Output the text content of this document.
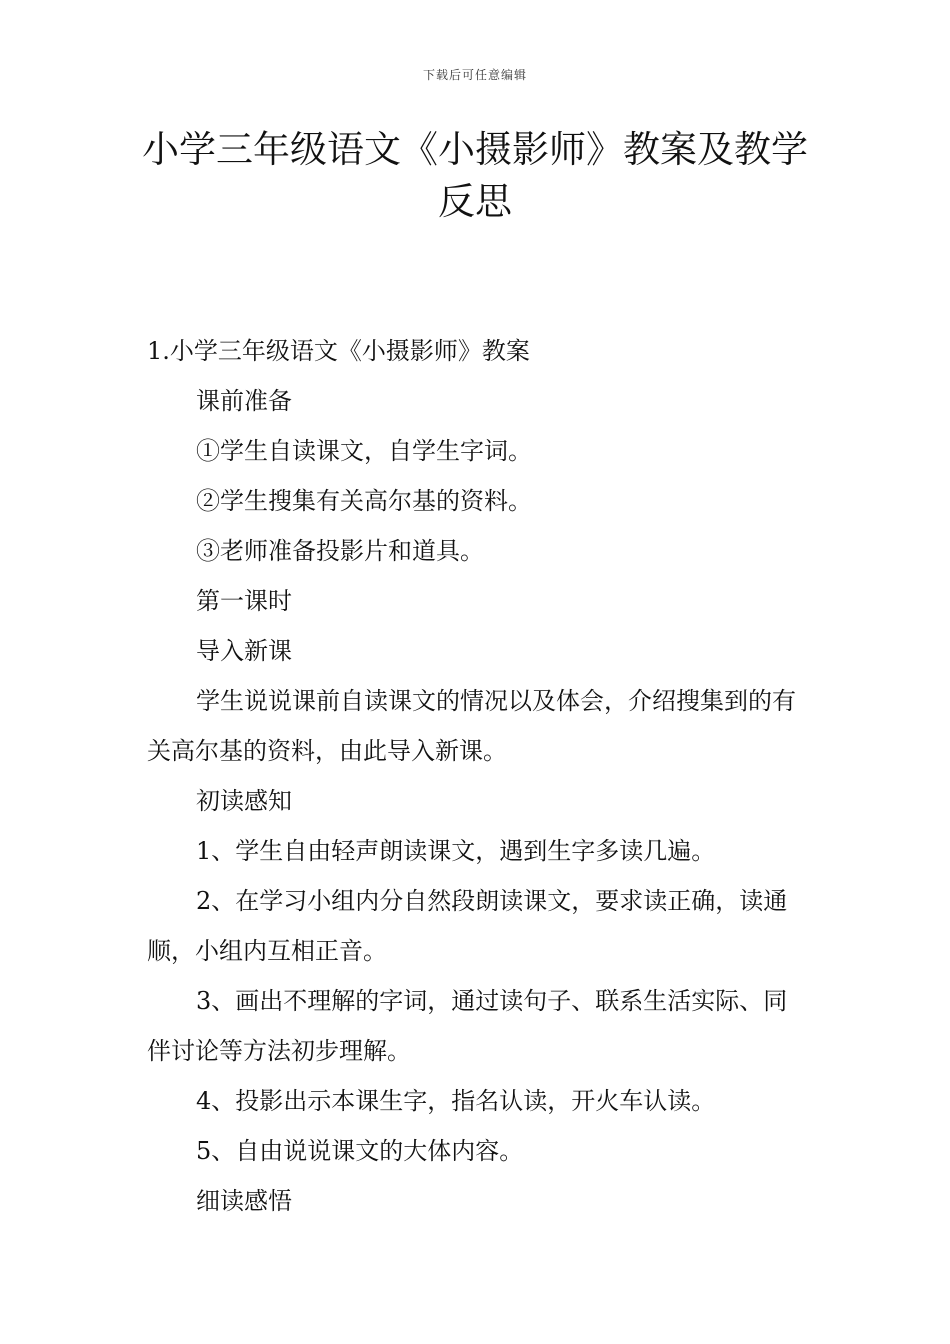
下载后可任意编辑
小学三年级语文《小摄影师》教案及教学
反思

1.小学三年级语文《小摄影师》教案

课前准备

①学生自读课文，自学生字词。

②学生搜集有关高尔基的资料。

③老师准备投影片和道具。

第一课时

导入新课

学生说说课前自读课文的情况以及体会，介绍搜集到的有关高尔基的资料，由此导入新课。

初读感知

1、学生自由轻声朗读课文，遇到生字多读几遍。

2、在学习小组内分自然段朗读课文，要求读正确，读通顺，小组内互相正音。

3、画出不理解的字词，通过读句子、联系生活实际、同伴讨论等方法初步理解。

4、投影出示本课生字，指名认读，开火车认读。

5、自由说说课文的大体内容。

细读感悟
